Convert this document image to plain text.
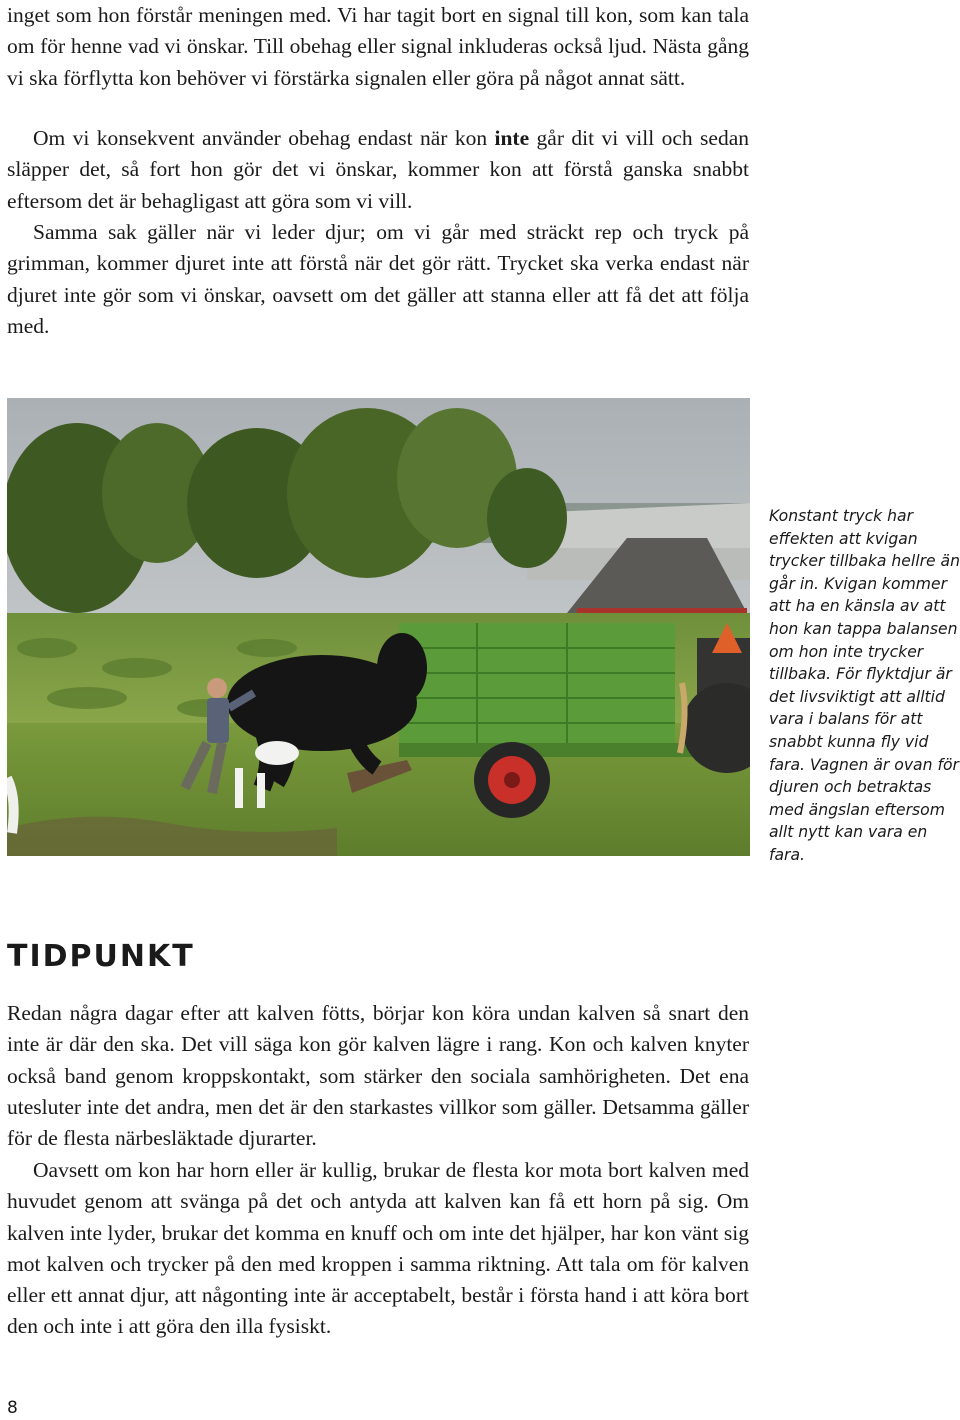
inget som hon förstår meningen med. Vi har tagit bort en signal till kon, som kan tala om för henne vad vi önskar. Till obehag eller signal inkluderas också ljud. Nästa gång vi ska förflytta kon behöver vi förstärka signalen eller göra på något annat sätt.

Om vi konsekvent använder obehag endast när kon inte går dit vi vill och sedan släpper det, så fort hon gör det vi önskar, kommer kon att förstå ganska snabbt eftersom det är behagligast att göra som vi vill.

Samma sak gäller när vi leder djur; om vi går med sträckt rep och tryck på grimman, kommer djuret inte att förstå när det gör rätt. Trycket ska verka endast när djuret inte gör som vi önskar, oavsett om det gäller att stanna eller att få det att följa med.

Konstant tryck har effekten att kvigan trycker tillbaka hellre än går in. Kvigan kommer att ha en känsla av att hon kan tappa balansen om hon inte trycker tillbaka. För flyktdjur är det livsviktigt att alltid vara i balans för att snabbt kunna fly vid fara. Vagnen är ovan för djuren och betraktas med ängslan eftersom allt nytt kan vara en fara.

TIDPUNKT

Redan några dagar efter att kalven fötts, börjar kon köra undan kalven så snart den inte är där den ska. Det vill säga kon gör kalven lägre i rang. Kon och kalven knyter också band genom kroppskontakt, som stärker den sociala samhörigheten. Det ena utesluter inte det andra, men det är den starkastes villkor som gäller. Detsamma gäller för de flesta närbesläktade djurarter.

Oavsett om kon har horn eller är kullig, brukar de flesta kor mota bort kalven med huvudet genom att svänga på det och antyda att kalven kan få ett horn på sig. Om kalven inte lyder, brukar det komma en knuff och om inte det hjälper, har kon vänt sig mot kalven och trycker på den med kroppen i samma riktning. Att tala om för kalven eller ett annat djur, att någonting inte är acceptabelt, består i första hand i att köra bort den och inte i att göra den illa fysiskt.

8
